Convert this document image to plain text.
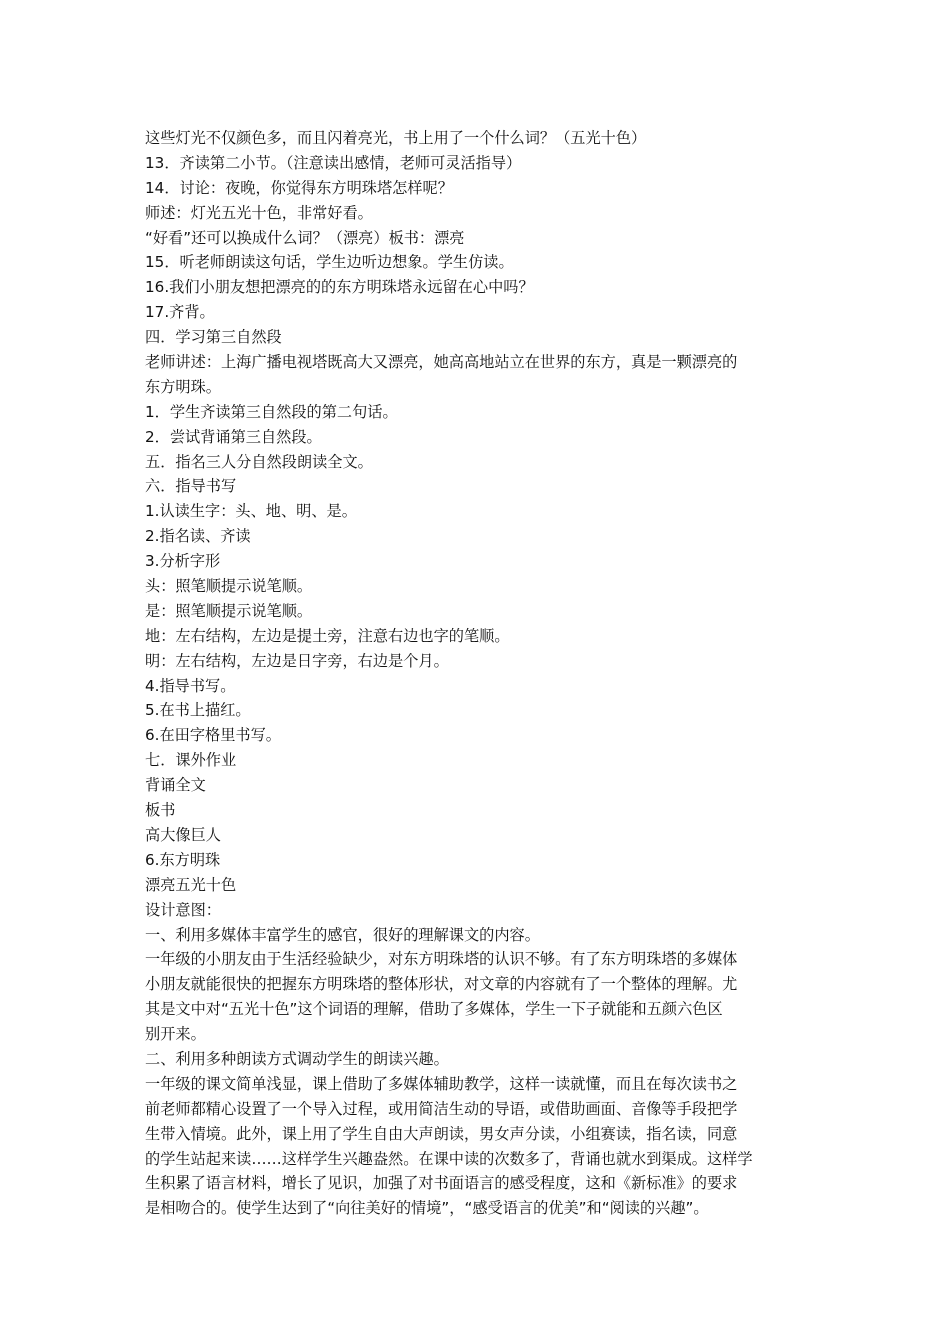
这些灯光不仅颜色多，而且闪着亮光，书上用了一个什么词？（五光十色）
13．齐读第二小节。（注意读出感情，老师可灵活指导）
14．讨论：夜晚，你觉得东方明珠塔怎样呢？
师述：灯光五光十色，非常好看。
“好看”还可以换成什么词？（漂亮）板书：漂亮
15．听老师朗读这句话，学生边听边想象。学生仿读。
16.我们小朋友想把漂亮的的东方明珠塔永远留在心中吗？
17.齐背。
四．学习第三自然段
老师讲述：上海广播电视塔既高大又漂亮，她高高地站立在世界的东方，真是一颗漂亮的
东方明珠。
1．学生齐读第三自然段的第二句话。
2．尝试背诵第三自然段。
五．指名三人分自然段朗读全文。
六．指导书写
1.认读生字：头、地、明、是。
2.指名读、齐读
3.分析字形
头：照笔顺提示说笔顺。
是：照笔顺提示说笔顺。
地：左右结构，左边是提土旁，注意右边也字的笔顺。
明：左右结构，左边是日字旁，右边是个月。
4.指导书写。
5.在书上描红。
6.在田字格里书写。
七．课外作业
背诵全文
板书
高大像巨人
6.东方明珠
漂亮五光十色
设计意图：
一、利用多媒体丰富学生的感官，很好的理解课文的内容。
一年级的小朋友由于生活经验缺少，对东方明珠塔的认识不够。有了东方明珠塔的多媒体
小朋友就能很快的把握东方明珠塔的整体形状，对文章的内容就有了一个整体的理解。尤
其是文中对“五光十色”这个词语的理解，借助了多媒体，学生一下子就能和五颜六色区
别开来。
二、利用多种朗读方式调动学生的朗读兴趣。
一年级的课文简单浅显，课上借助了多媒体辅助教学，这样一读就懂，而且在每次读书之
前老师都精心设置了一个导入过程，或用简洁生动的导语，或借助画面、音像等手段把学
生带入情境。此外，课上用了学生自由大声朗读，男女声分读，小组赛读，指名读，同意
的学生站起来读……这样学生兴趣盎然。在课中读的次数多了，背诵也就水到渠成。这样学
生积累了语言材料，增长了见识，加强了对书面语言的感受程度，这和《新标准》的要求
是相吻合的。使学生达到了“向往美好的情境”，“感受语言的优美”和“阅读的兴趣”。
